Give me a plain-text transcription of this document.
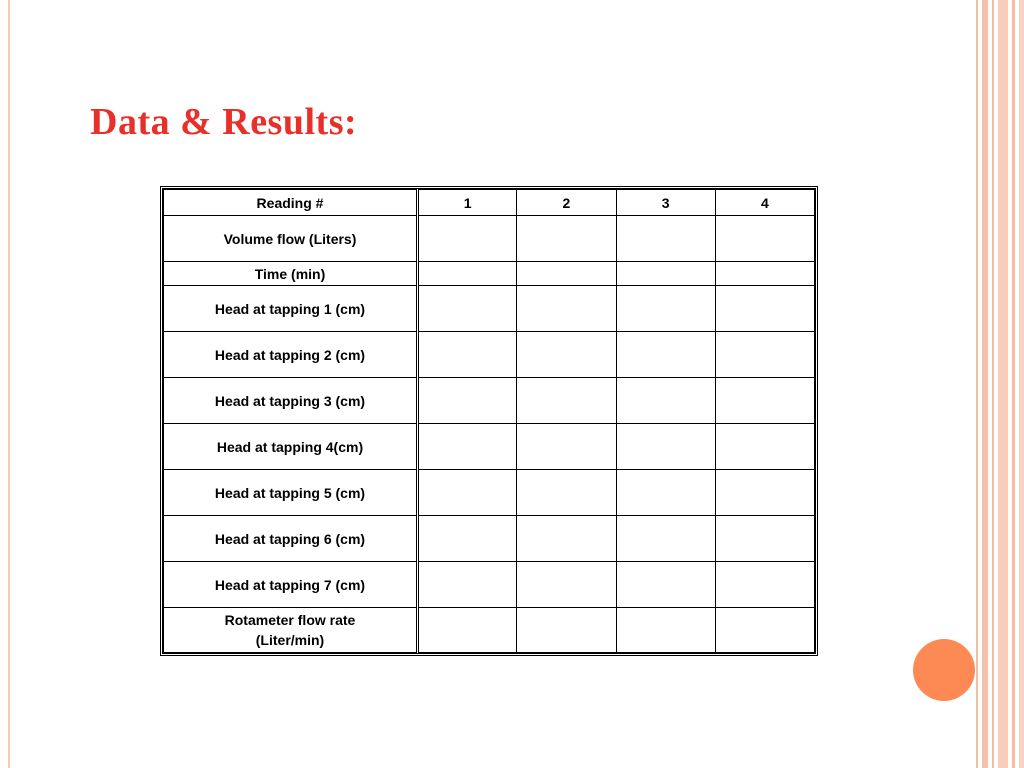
Data & Results:
Reading #	1	2	3	4
Volume flow (Liters)				
Time (min)				
Head at tapping 1 (cm)				
Head at tapping 2 (cm)				
Head at tapping 3 (cm)				
Head at tapping 4(cm)				
Head at tapping 5 (cm)				
Head at tapping 6 (cm)				
Head at tapping 7 (cm)				

Rotameter flow rate
(Liter/min)				
